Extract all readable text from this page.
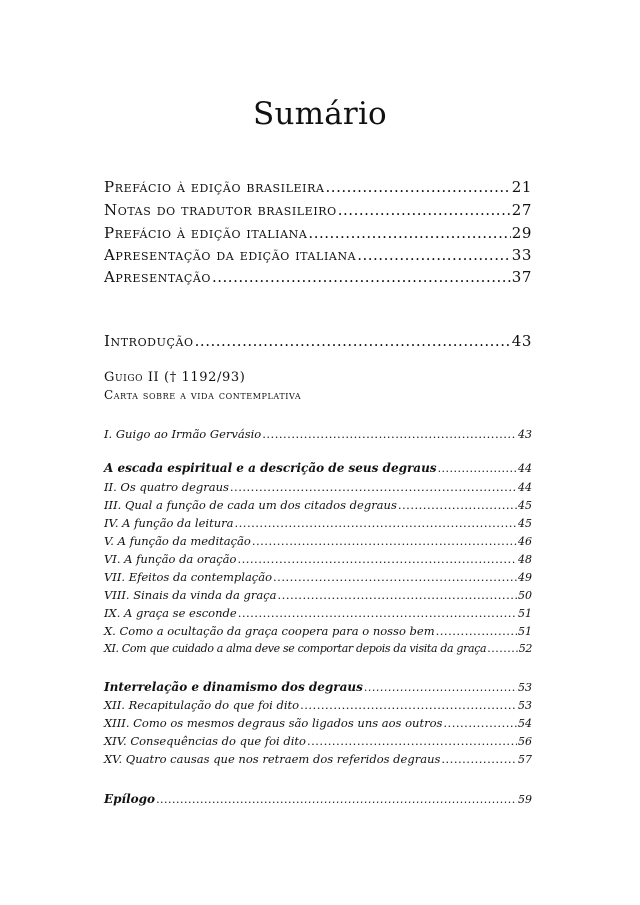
Sumário
Prefácio à edição brasileira .....	21
Notas do tradutor brasileiro .....	27
Prefácio à edição italiana .....	29
Apresentação da edição italiana .....	33
Apresentação .....	37
Introdução .....	43
Guigo II († 1192/93)
Carta sobre a vida contemplativa
I. Guigo ao Irmão Gervásio .....	43
A escada espiritual e a descrição de seus degraus .....	44
II. Os quatro degraus .....	44
III. Qual a função de cada um dos citados degraus .....	45
IV. A função da leitura .....	45
V. A função da meditação .....	46
VI. A função da oração .....	48
VII. Efeitos da contemplação .....	49
VIII. Sinais da vinda da graça .....	50
IX. A graça se esconde .....	51
X. Como a ocultação da graça coopera para o nosso bem .....	51
XI. Com que cuidado a alma deve se comportar depois da visita da graça .....	52
Interrelação e dinamismo dos degraus .....	53
XII. Recapitulação do que foi dito .....	53
XIII. Como os mesmos degraus são ligados uns aos outros .....	54
XIV. Consequências do que foi dito .....	56
XV. Quatro causas que nos retraem dos referidos degraus .....	57
Epílogo .....	59
